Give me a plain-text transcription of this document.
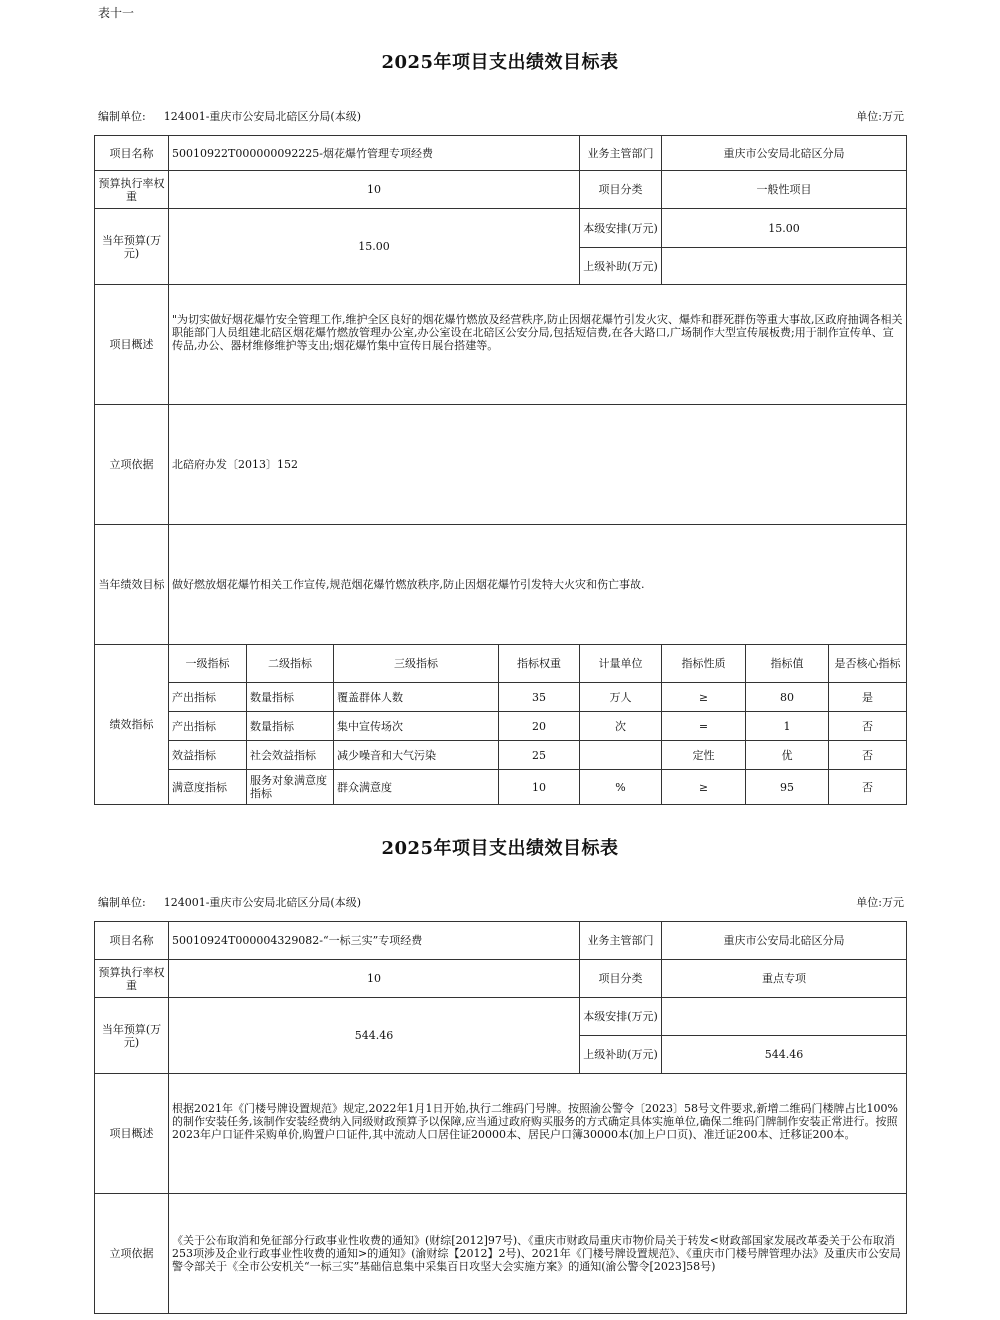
表十一
2025年项目支出绩效目标表
编制单位: 124001-重庆市公安局北碚区分局(本级)	单位:万元
项目名称	50010922T000000092225-烟花爆竹管理专项经费				业务主管部门	重庆市公安局北碚区分局		
预算执行率权重	10				项目分类	一般性项目		
当年预算(万元)	15.00				本级安排(万元)	15.00		
					上级补助(万元)			
项目概述	"为切实做好烟花爆竹安全管理工作,维护全区良好的烟花爆竹燃放及经营秩序,防止因烟花爆竹引发火灾、爆炸和群死群伤等重大事故,区政府抽调各相关职能部门人员组建北碚区烟花爆竹燃放管理办公室,办公室设在北碚区公安分局,包括短信费,在各大路口,广场制作大型宣传展板费;用于制作宣传单、宣传品,办公、器材维修维护等支出;烟花爆竹集中宣传日展台搭建等。							
立项依据	北碚府办发〔2013〕152							
当年绩效目标	做好燃放烟花爆竹相关工作宣传,规范烟花爆竹燃放秩序,防止因烟花爆竹引发特大火灾和伤亡事故.							
绩效指标	一级指标	二级指标	三级指标	指标权重	计量单位	指标性质	指标值	是否核心指标
	产出指标	数量指标	覆盖群体人数	35	万人	≥	80	是
	产出指标	数量指标	集中宣传场次	20	次	=	1	否
	效益指标	社会效益指标	减少噪音和大气污染	25		定性	优	否
	满意度指标	服务对象满意度指标	群众满意度	10	%	≥	95	否
2025年项目支出绩效目标表
编制单位: 124001-重庆市公安局北碚区分局(本级)	单位:万元
项目名称	50010924T000004329082-“一标三实”专项经费	业务主管部门	重庆市公安局北碚区分局
预算执行率权重	10	项目分类	重点专项
当年预算(万元)	544.46	本级安排(万元)	
		上级补助(万元)	544.46
项目概述	根据2021年《门楼号牌设置规范》规定,2022年1月1日开始,执行二维码门号牌。按照渝公警令〔2023〕58号文件要求,新增二维码门楼牌占比100%的制作安装任务,该制作安装经费纳入同级财政预算予以保障,应当通过政府购买服务的方式确定具体实施单位,确保二维码门牌制作安装正常进行。按照2023年户口证件采购单价,购置户口证件,其中流动人口居住证20000本、居民户口簿30000本(加上户口页)、准迁证200本、迁移证200本。		
立项依据	《关于公布取消和免征部分行政事业性收费的通知》(财综[2012]97号)、《重庆市财政局重庆市物价局关于转发<财政部国家发展改革委关于公布取消253项涉及企业行政事业性收费的通知>的通知》(渝财综【2012】2号)、2021年《门楼号牌设置规范》、《重庆市门楼号牌管理办法》及重庆市公安局警令部关于《全市公安机关“一标三实”基础信息集中采集百日攻坚大会实施方案》的通知(渝公警令[2023]58号)		
